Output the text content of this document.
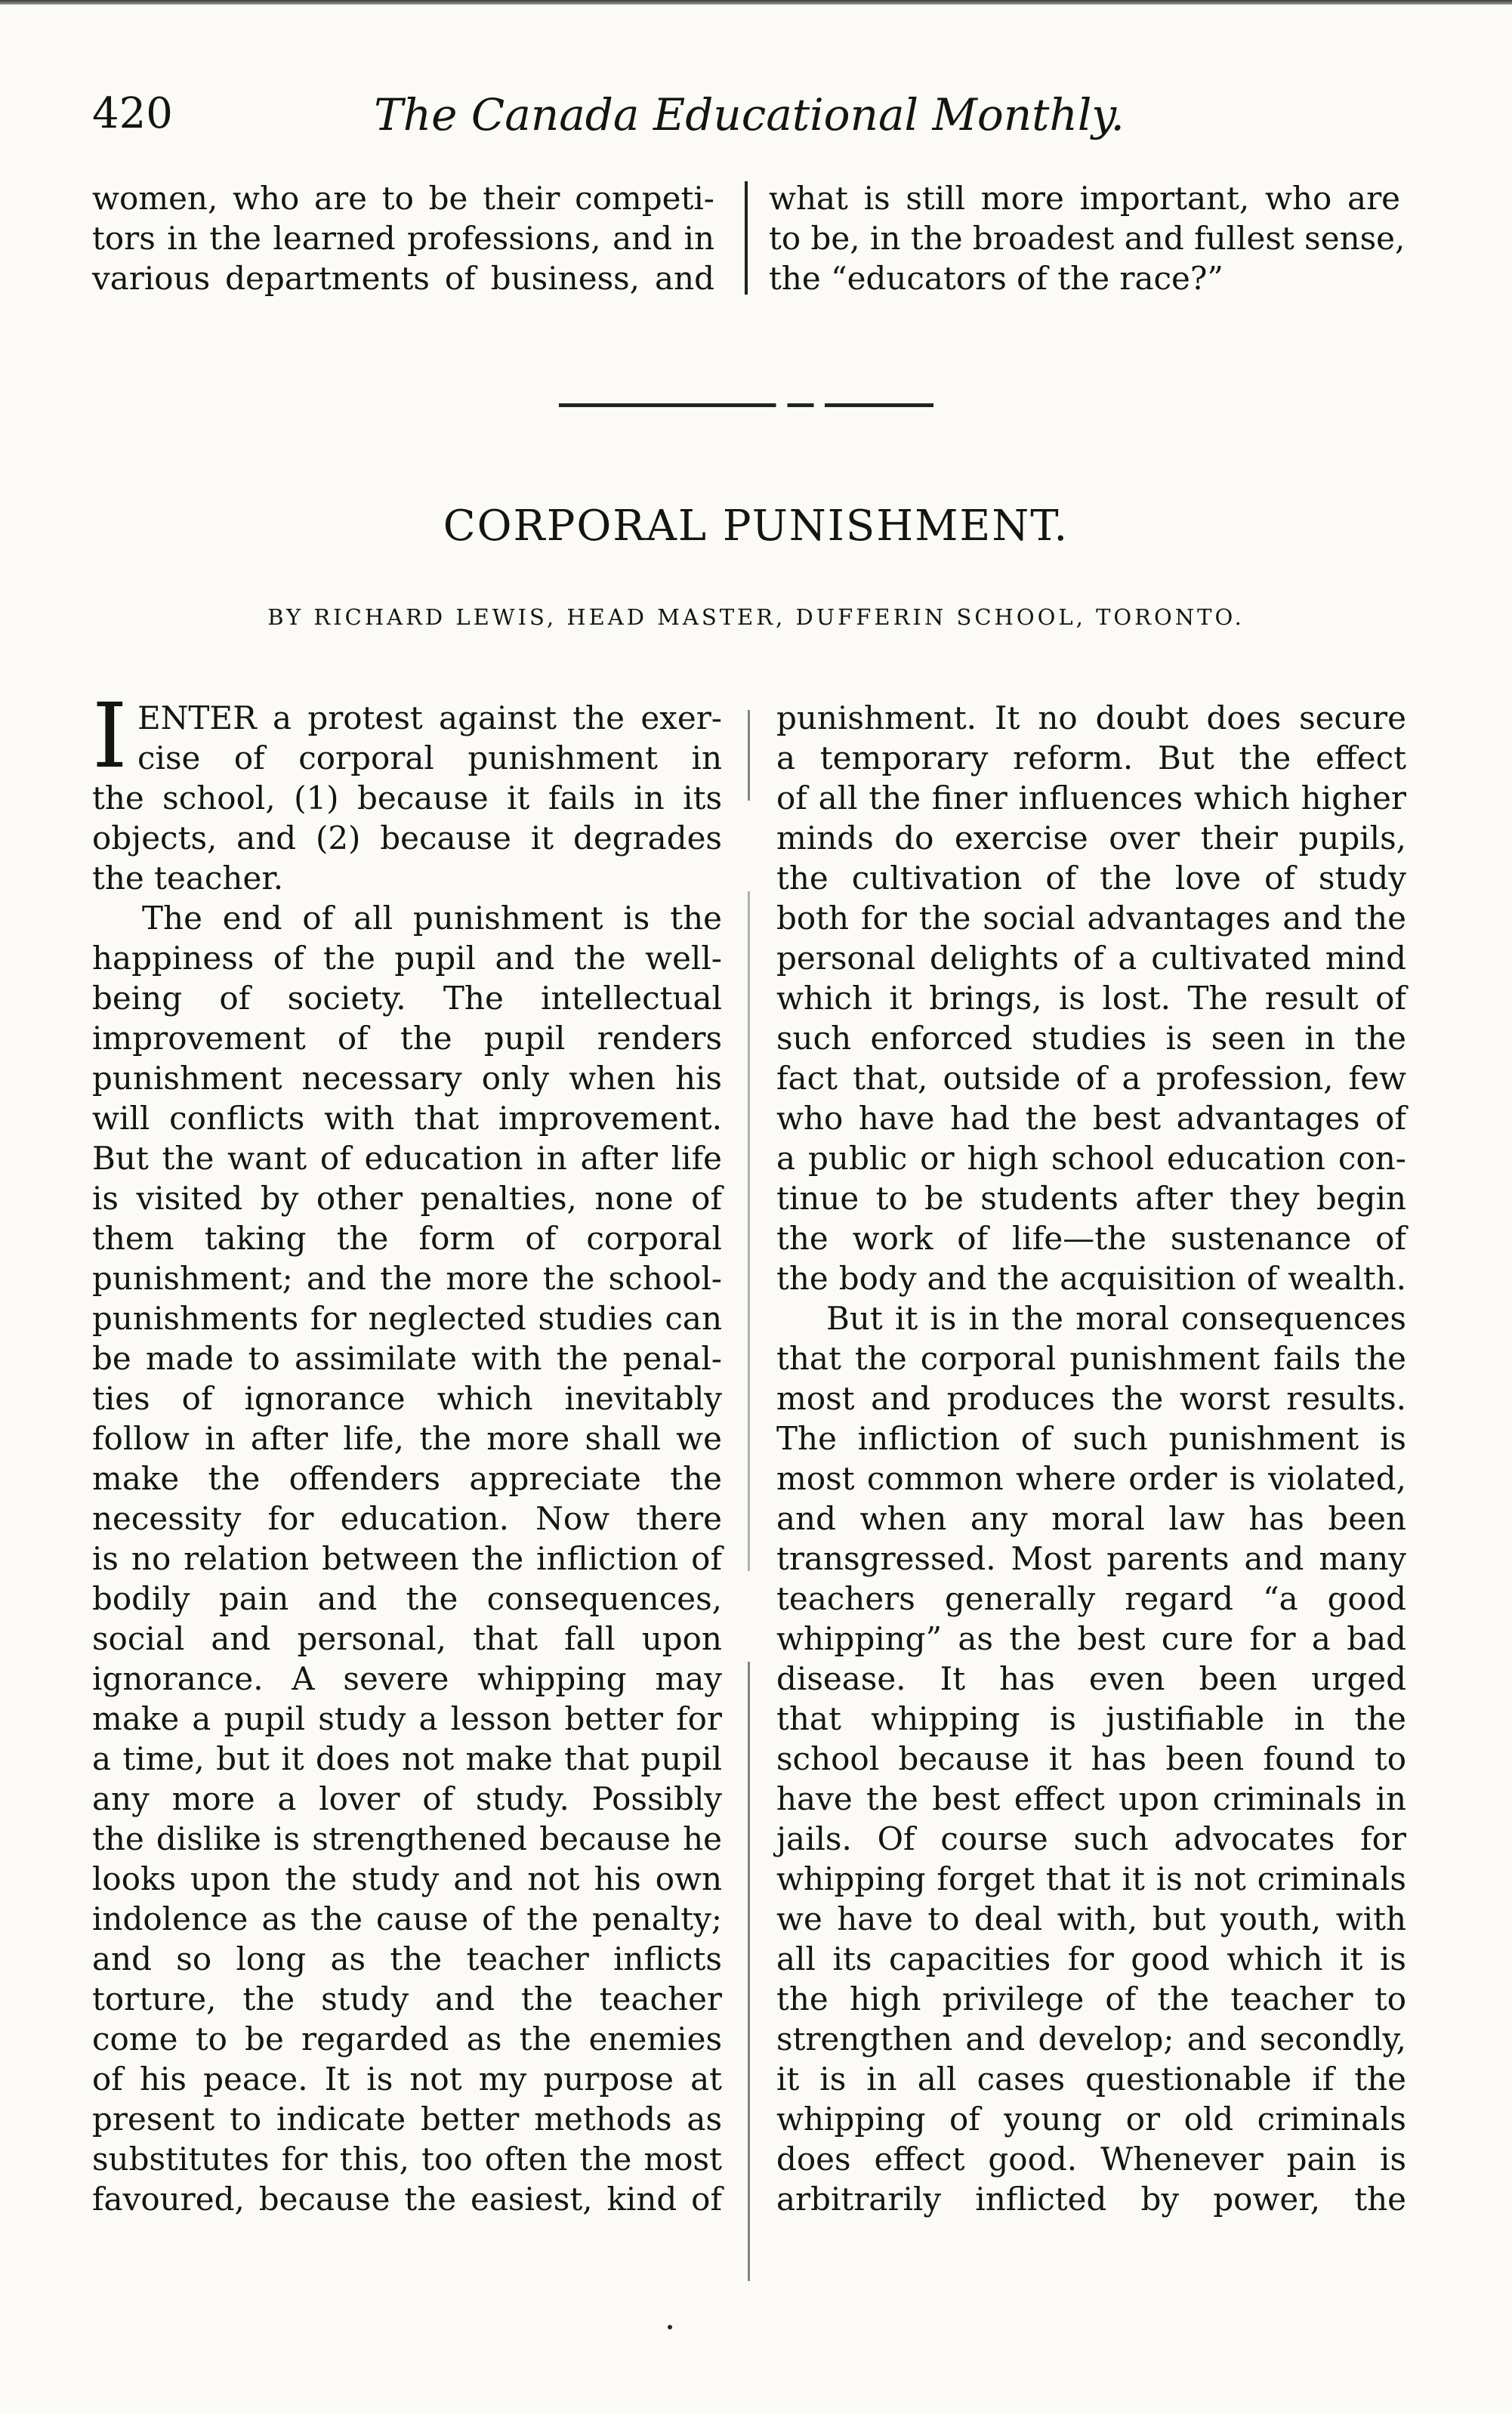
420	The Canada Educational Monthly.
women, who are to be their competi-
tors in the learned professions, and in
various departments of business, and
what is still more important, who are
to be, in the broadest and fullest sense,
the “educators of the race?”
CORPORAL PUNISHMENT.
BY RICHARD LEWIS, HEAD MASTER, DUFFERIN SCHOOL, TORONTO.
I ENTER a protest against the exer-
cise of corporal punishment in
the school, (1) because it fails in its
objects, and (2) because it degrades
the teacher.
The end of all punishment is the
happiness of the pupil and the well-
being of society. The intellectual
improvement of the pupil renders
punishment necessary only when his
will conflicts with that improvement.
But the want of education in after life
is visited by other penalties, none of
them taking the form of corporal
punishment; and the more the school-
punishments for neglected studies can
be made to assimilate with the penal-
ties of ignorance which inevitably
follow in after life, the more shall we
make the offenders appreciate the
necessity for education. Now there
is no relation between the infliction of
bodily pain and the consequences,
social and personal, that fall upon
ignorance. A severe whipping may
make a pupil study a lesson better for
a time, but it does not make that pupil
any more a lover of study. Possibly
the dislike is strengthened because he
looks upon the study and not his own
indolence as the cause of the penalty;
and so long as the teacher inflicts
torture, the study and the teacher
come to be regarded as the enemies
of his peace. It is not my purpose at
present to indicate better methods as
substitutes for this, too often the most
favoured, because the easiest, kind of
punishment. It no doubt does secure
a temporary reform. But the effect
of all the finer influences which higher
minds do exercise over their pupils,
the cultivation of the love of study
both for the social advantages and the
personal delights of a cultivated mind
which it brings, is lost. The result of
such enforced studies is seen in the
fact that, outside of a profession, few
who have had the best advantages of
a public or high school education con-
tinue to be students after they begin
the work of life—the sustenance of
the body and the acquisition of wealth.
But it is in the moral consequences
that the corporal punishment fails the
most and produces the worst results.
The infliction of such punishment is
most common where order is violated,
and when any moral law has been
transgressed. Most parents and many
teachers generally regard “a good
whipping” as the best cure for a bad
disease. It has even been urged
that whipping is justifiable in the
school because it has been found to
have the best effect upon criminals in
jails. Of course such advocates for
whipping forget that it is not criminals
we have to deal with, but youth, with
all its capacities for good which it is
the high privilege of the teacher to
strengthen and develop; and secondly,
it is in all cases questionable if the
whipping of young or old criminals
does effect good. Whenever pain is
arbitrarily inflicted by power, the
